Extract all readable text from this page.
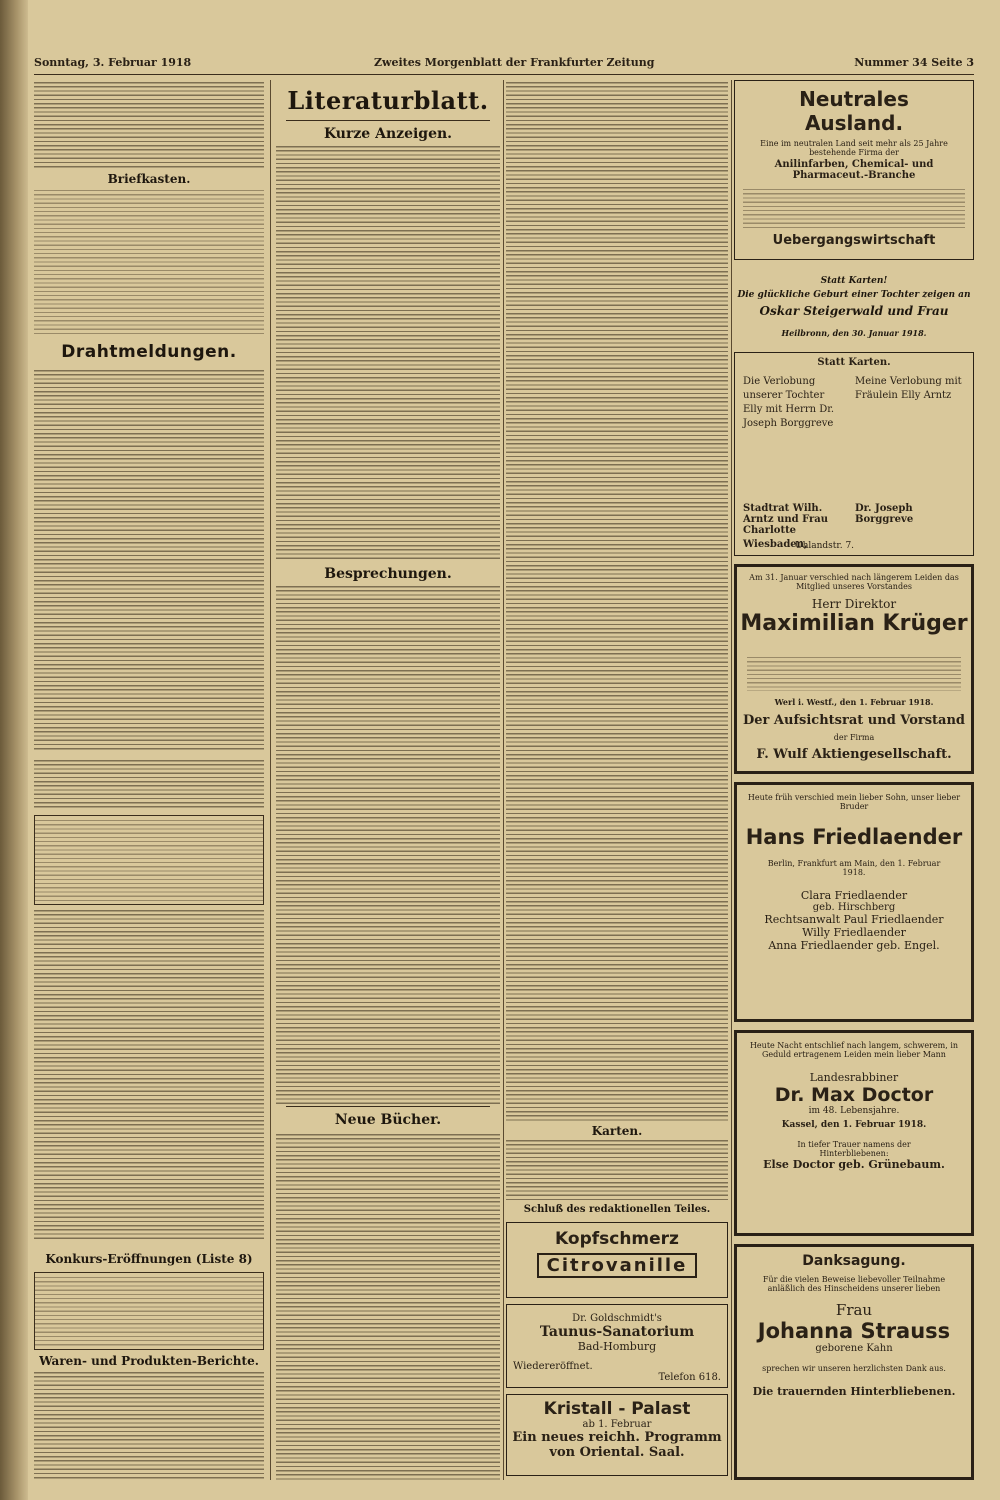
Sonntag, 3. Februar 1918	Zweites Morgenblatt der Frankfurter Zeitung	Nummer 34 Seite 3
Briefkasten.
Drahtmeldungen.
Konkurs-Eröffnungen (Liste 8)
Waren- und Produkten-Berichte.
Literaturblatt.
Kurze Anzeigen.
Besprechungen.
Neue Bücher.
Karten.
Schluß des redaktionellen Teiles.
Kopfschmerz
Citrovanille
Dr. Goldschmidt's
Taunus-Sanatorium
Bad-Homburg
Wiedereröffnet.
Telefon 618.
Kristall - Palast
ab 1. Februar
Ein neues reichh. Programm
von Oriental. Saal.
Neutrales
Ausland.
Eine im neutralen Land seit mehr als 25 Jahre bestehende Firma der
Anilinfarben, Chemical- und Pharmaceut.-Branche
Uebergangswirtschaft
Statt Karten!
Die glückliche Geburt einer Tochter zeigen an
Oskar Steigerwald und Frau
Heilbronn, den 30. Januar 1918.
Statt Karten.
Die Verlobung unserer Tochter Elly mit Herrn Dr. Joseph Borggreve
Meine Verlobung mit Fräulein Elly Arntz
Stadtrat Wilh. Arntz und Frau Charlotte
Dr. Joseph Borggreve
Wiesbaden,
Uhlandstr. 7.
Am 31. Januar verschied nach längerem Leiden das Mitglied unseres Vorstandes
Herr Direktor
Maximilian Krüger
Werl i. Westf., den 1. Februar 1918.
Der Aufsichtsrat und Vorstand
der Firma
F. Wulf Aktiengesellschaft.
Heute früh verschied mein lieber Sohn, unser lieber Bruder
Hans Friedlaender
Berlin, Frankfurt am Main, den 1. Februar 1918.
Clara Friedlaender
geb. Hirschberg
Rechtsanwalt Paul Friedlaender
Willy Friedlaender
Anna Friedlaender geb. Engel.
Heute Nacht entschlief nach langem, schwerem, in Geduld ertragenem Leiden mein lieber Mann
Landesrabbiner
Dr. Max Doctor
im 48. Lebensjahre.
Kassel, den 1. Februar 1918.
In tiefer Trauer namens der Hinterbliebenen:
Else Doctor geb. Grünebaum.
Danksagung.
Für die vielen Beweise liebevoller Teilnahme anläßlich des Hinscheidens unserer lieben
Frau
Johanna Strauss
geborene Kahn
sprechen wir unseren herzlichsten Dank aus.
Die trauernden Hinterbliebenen.
